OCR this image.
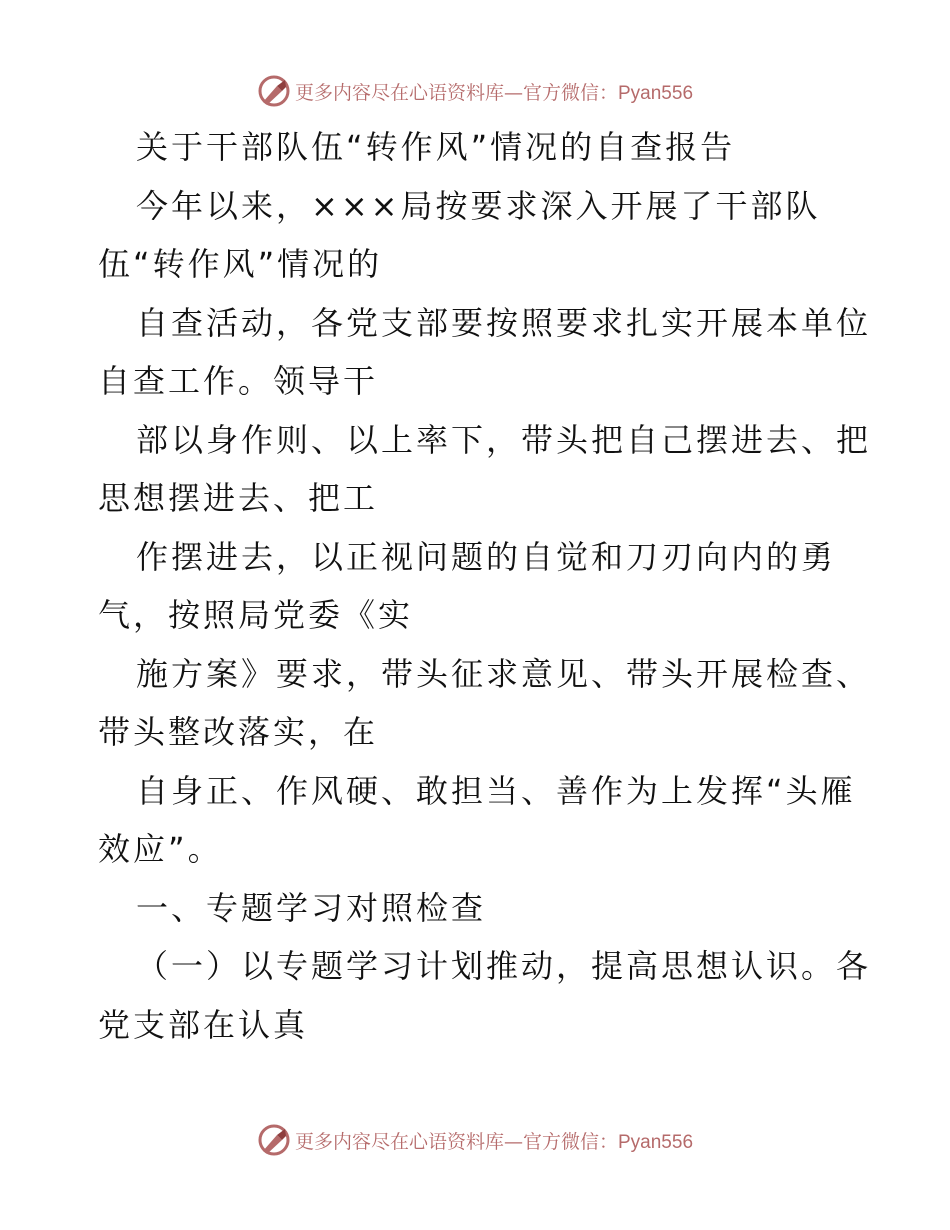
更多内容尽在心语资料库—官方微信：Pyan556
关于干部队伍“转作风”情况的自查报告
今年以来，×××局按要求深入开展了干部队
伍“转作风”情况的
自查活动，各党支部要按照要求扎实开展本单位
自查工作。领导干
部以身作则、以上率下，带头把自己摆进去、把
思想摆进去、把工
作摆进去，以正视问题的自觉和刀刃向内的勇
气，按照局党委《实
施方案》要求，带头征求意见、带头开展检查、
带头整改落实，在
自身正、作风硬、敢担当、善作为上发挥“头雁
效应”。
一、专题学习对照检查
（一）以专题学习计划推动，提高思想认识。各
党支部在认真
更多内容尽在心语资料库—官方微信：Pyan556
